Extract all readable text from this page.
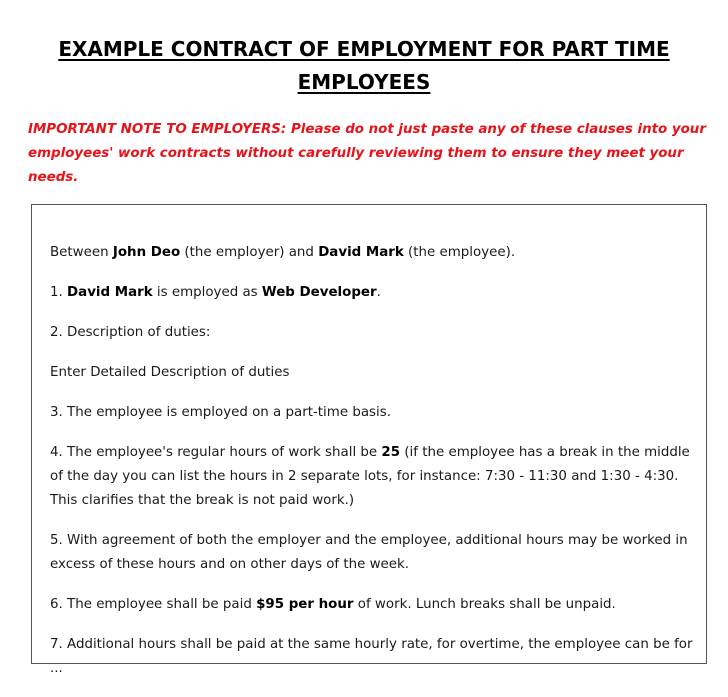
EXAMPLE CONTRACT OF EMPLOYMENT FOR PART TIME
EMPLOYEES
IMPORTANT NOTE TO EMPLOYERS: Please do not just paste any of these clauses into your employees' work contracts without carefully reviewing them to ensure they meet your needs.

Between John Deo (the employer) and David Mark (the employee).

1. David Mark is employed as Web Developer.

2. Description of duties:

Enter Detailed Description of duties

3. The employee is employed on a part-time basis.

4. The employee's regular hours of work shall be 25 (if the employee has a break in the middle of the day you can list the hours in 2 separate lots, for instance: 7:30 - 11:30 and 1:30 - 4:30. This clarifies that the break is not paid work.)

5. With agreement of both the employer and the employee, additional hours may be worked in excess of these hours and on other days of the week.

6. The employee shall be paid $95 per hour of work. Lunch breaks shall be unpaid.

7. Additional hours shall be paid at the same hourly rate, for overtime, the employee can be for ...
